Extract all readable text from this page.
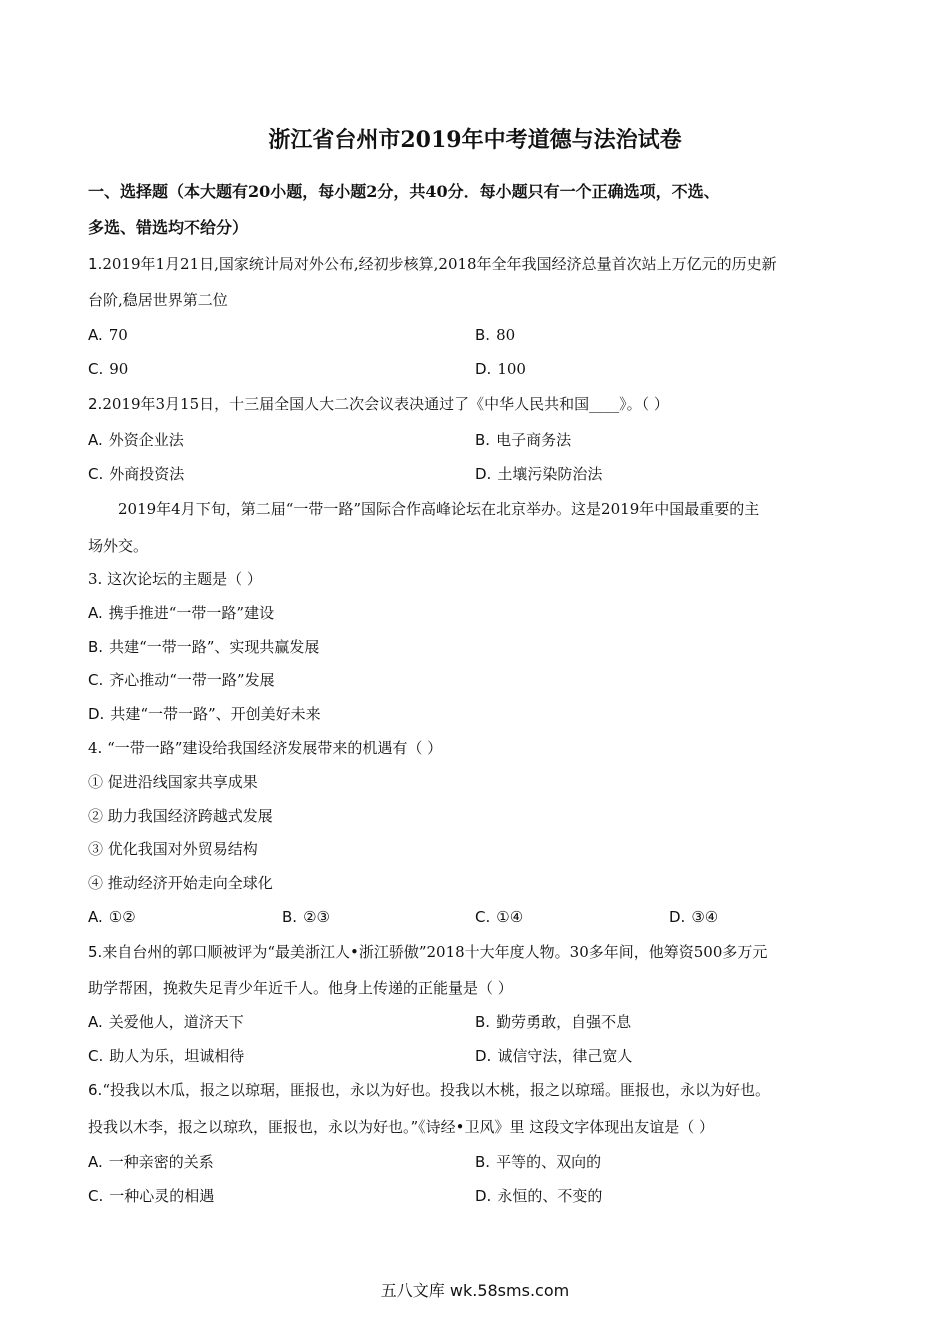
浙江省台州市2019年中考道德与法治试卷
一、选择题（本大题有20小题，每小题2分，共40分．每小题只有一个正确选项，不选、
多选、错选均不给分）
1.2019年1月21日,国家统计局对外公布,经初步核算,2018年全年我国经济总量首次站上万亿元的历史新
台阶,稳居世界第二位
A. 70	B. 80
C. 90	D. 100
2.2019年3月15日，十三届全国人大二次会议表决通过了《中华人民共和国____》。（ ）
A. 外资企业法	B. 电子商务法
C. 外商投资法	D. 土壤污染防治法
2019年4月下旬，第二届“一带一路”国际合作高峰论坛在北京举办。这是2019年中国最重要的主
场外交。
3. 这次论坛的主题是（ ）
A. 携手推进“一带一路”建设
B. 共建“一带一路”、实现共赢发展
C. 齐心推动“一带一路”发展
D. 共建“一带一路”、开创美好未来
4. “一带一路”建设给我国经济发展带来的机遇有（ ）
① 促进沿线国家共享成果
② 助力我国经济跨越式发展
③ 优化我国对外贸易结构
④ 推动经济开始走向全球化
A. ①②	B. ②③	C. ①④	D. ③④
5.来自台州的郭口顺被评为“最美浙江人•浙江骄傲”2018十大年度人物。30多年间，他筹资500多万元
助学帮困，挽救失足青少年近千人。他身上传递的正能量是（ ）
A. 关爱他人，道济天下	B. 勤劳勇敢，自强不息
C. 助人为乐，坦诚相待	D. 诚信守法，律己宽人
6.“投我以木瓜，报之以琼琚，匪报也，永以为好也。投我以木桃，报之以琼瑶。匪报也，永以为好也。
投我以木李，报之以琼玖，匪报也，永以为好也。”《诗经•卫风》里 这段文字体现出友谊是（ ）
A. 一种亲密的关系	B. 平等的、双向的
C. 一种心灵的相遇	D. 永恒的、不变的
五八文库 wk.58sms.com
